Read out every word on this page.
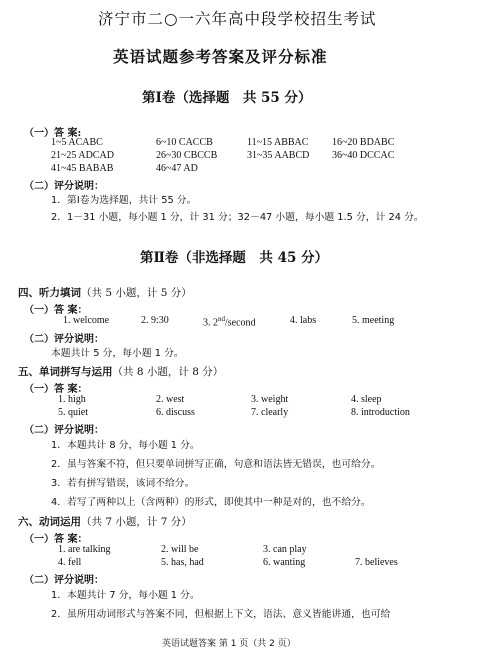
济宁市二○一六年高中段学校招生考试
英语试题参考答案及评分标准
第Ⅰ卷（选择题　共 55 分）
（一）答 案:
1~5 ACABC	6~10 CACCB	11~15 ABBAC 16~20 BDABC
21~25 ADCAD	26~30 CBCCB	31~35 AABCD 36~40 DCCAC
41~45 BABAB	46~47 AD
（二）评分说明：
1．第Ⅰ卷为选择题，共计 55 分。
2．1－31 小题，每小题 1 分，计 31 分；32－47 小题，每小题 1.5 分，计 24 分。
第Ⅱ卷（非选择题　共 45 分）
四、听力填词（共 5 小题，计 5 分）
（一）答 案：
1. welcome	2. 9:30	3. 2nd/second	4. labs	5. meeting
（二）评分说明：
本题共计 5 分，每小题 1 分。
五、单词拼写与运用（共 8 小题，计 8 分）
（一）答 案：
1. high	2. west	3. weight	4. sleep
5. quiet	6. discuss	7. clearly	8. introduction
（二）评分说明：
1．本题共计 8 分，每小题 1 分。
2．虽与答案不符，但只要单词拼写正确，句意和语法皆无错误，也可给分。
3．若有拼写错误，该词不给分。
4．若写了两种以上（含两种）的形式，即使其中一种是对的，也不给分。
六、动词运用（共 7 小题，计 7 分）
（一）答 案：
1. are talking	2. will be	3. can play
4. fell	5. has, had	6. wanting	7. believes
（二）评分说明：
1．本题共计 7 分，每小题 1 分。
2．虽所用动词形式与答案不同，但根据上下文，语法、意义皆能讲通，也可给
英语试题答案 第 1 页（共 2 页）
